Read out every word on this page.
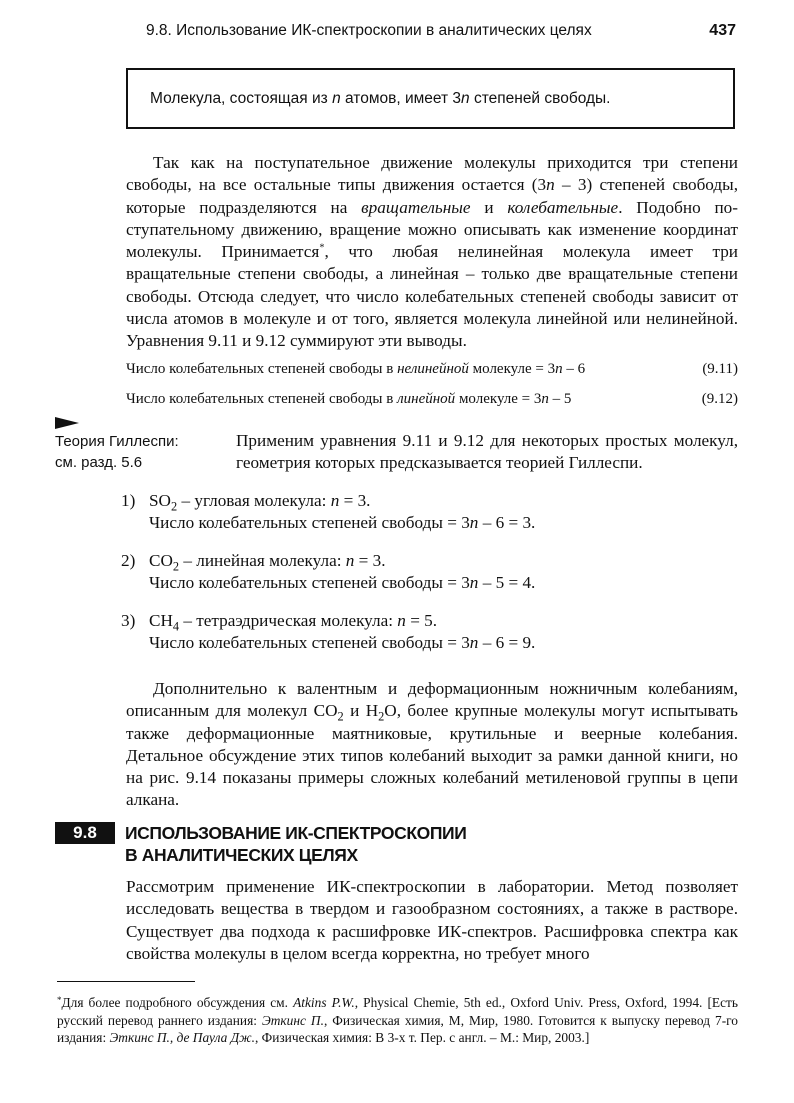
9.8. Использование ИК-спектроскопии в аналитических целях	437

Молекула, состоящая из n атомов, имеет 3n степеней свободы.

Так как на поступательное движение молекулы приходится три степени свободы, на все остальные типы движения остается (3n – 3) степеней свободы, которые подразделяются на вращательные и колебательные. Подобно поступательному движению, вращение можно описывать как изменение координат молекулы. Принимается*, что любая нелинейная молекула имеет три вращательные степени свободы, а линейная – только две вращательные степени свободы. Отсюда следует, что число колебательных степеней свободы зависит от числа атомов в молекуле и от того, является молекула линейной или нелинейной. Уравнения 9.11 и 9.12 суммируют эти выводы.

Число колебательных степеней свободы в нелинейной молекуле = 3n – 6	(9.11)
Число колебательных степеней свободы в линейной молекуле = 3n – 5	(9.12)
Теория Гиллеспи:
см. разд. 5.6

Применим уравнения 9.11 и 9.12 для некоторых простых молекул, геометрия которых предсказывается теорией Гиллеспи.

1) $SO_2$ – угловая молекула: n = 3.
Число колебательных степеней свободы = 3n – 6 = 3.
2) $CO_2$ – линейная молекула: n = 3.
Число колебательных степеней свободы = 3n – 5 = 4.
3) $CH_4$ – тетраэдрическая молекула: n = 5.
Число колебательных степеней свободы = 3n – 6 = 9.

Дополнительно к валентным и деформационным ножничным колебаниям, описанным для молекул $CO_2$ и $H_2O$, более крупные молекулы могут испытывать также деформационные маятниковые, крутильные и веерные колебания. Детальное обсуждение этих типов колебаний выходит за рамки данной книги, но на рис. 9.14 показаны примеры сложных колебаний метиленовой группы в цепи алкана.

9.8	ИСПОЛЬЗОВАНИЕ ИК-СПЕКТРОСКОПИИ
В АНАЛИТИЧЕСКИХ ЦЕЛЯХ

Рассмотрим применение ИК-спектроскопии в лаборатории. Метод позволяет исследовать вещества в твердом и газообразном состояниях, а также в растворе. Существует два подхода к расшифровке ИК-спектров. Расшифровка спектра как свойства молекулы в целом всегда корректна, но требует много

*Для более подробного обсуждения см. Atkins P.W., Physical Chemie, 5th ed., Oxford Univ. Press, Oxford, 1994. [Есть русский перевод раннего издания: Эткинс П., Физическая химия, М, Мир, 1980. Готовится к выпуску перевод 7-го издания: Эткинс П., де Паула Дж., Физическая химия: В 3-х т. Пер. с англ. – М.: Мир, 2003.]
